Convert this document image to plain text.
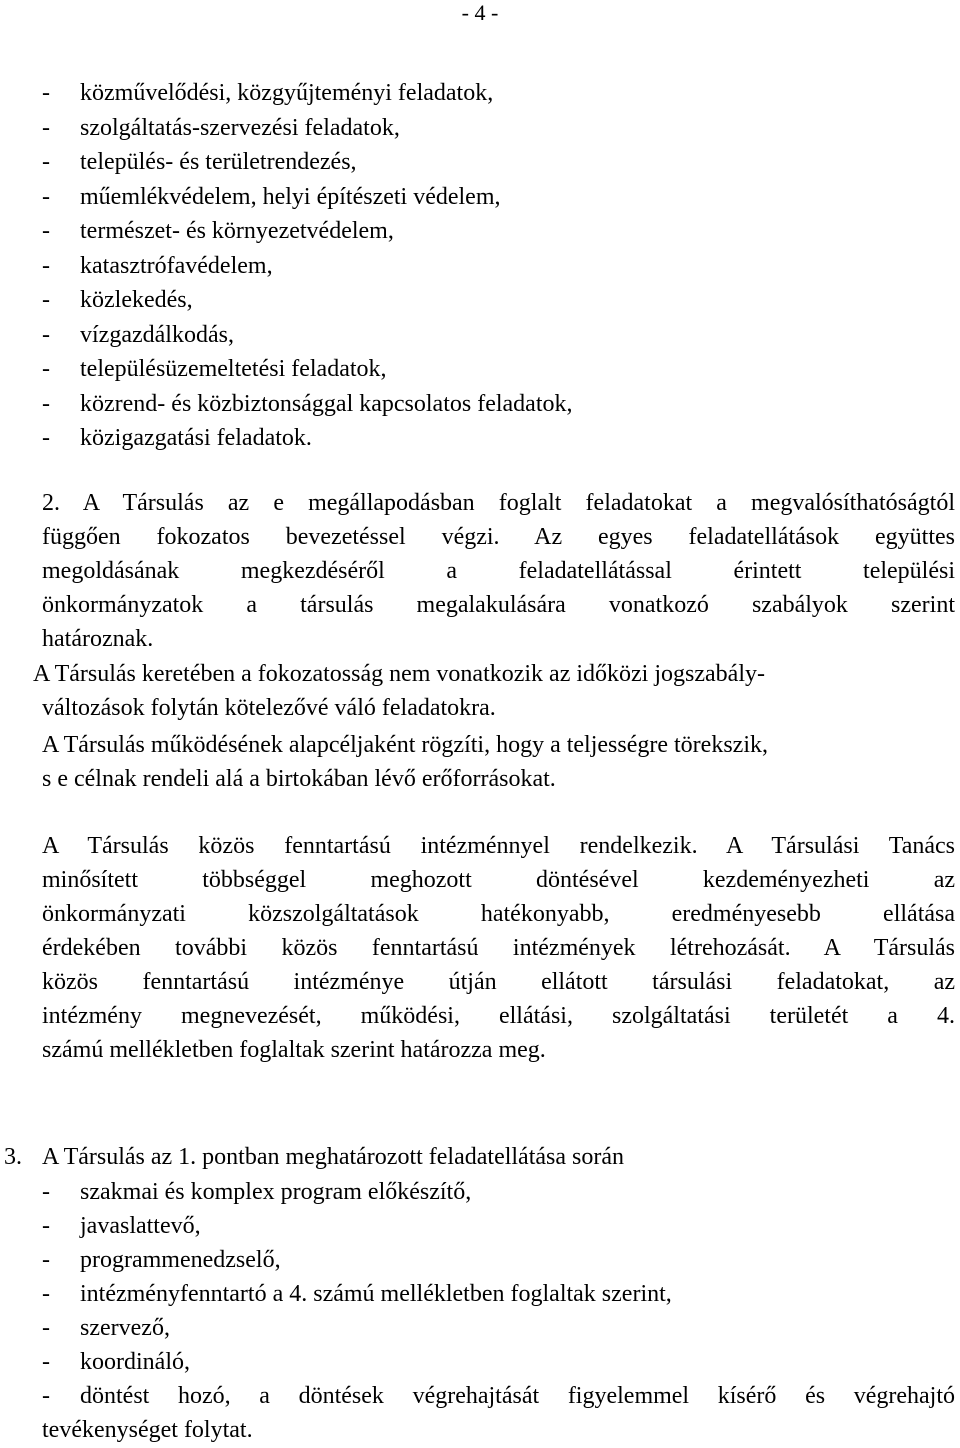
- 4 -
- közművelődési, közgyűjteményi feladatok,
- szolgáltatás-szervezési feladatok,
- település- és területrendezés,
- műemlékvédelem, helyi építészeti védelem,
- természet- és környezetvédelem,
- katasztrófavédelem,
- közlekedés,
- vízgazdálkodás,
- településüzemeltetési feladatok,
- közrend- és közbiztonsággal kapcsolatos feladatok,
- közigazgatási feladatok.
2. A Társulás az e megállapodásban foglalt feladatokat a megvalósíthatóságtól
függően fokozatos bevezetéssel végzi. Az egyes feladatellátások együttes
megoldásának megkezdéséről a feladatellátással érintett települési
önkormányzatok a társulás megalakulására vonatkozó szabályok szerint
határoznak.
A Társulás keretében a fokozatosság nem vonatkozik az időközi jogszabály-
változások folytán kötelezővé váló feladatokra.
A Társulás működésének alapcéljaként rögzíti, hogy a teljességre törekszik,
s e célnak rendeli alá a birtokában lévő erőforrásokat.
A Társulás közös fenntartású intézménnyel rendelkezik. A Társulási Tanács
minősített többséggel meghozott döntésével kezdeményezheti az
önkormányzati közszolgáltatások hatékonyabb, eredményesebb ellátása
érdekében további közös fenntartású intézmények létrehozását. A Társulás
közös fenntartású intézménye útján ellátott társulási feladatokat, az
intézmény megnevezését, működési, ellátási, szolgáltatási területét a 4.
számú mellékletben foglaltak szerint határozza meg.
3. A Társulás az 1. pontban meghatározott feladatellátása során
- szakmai és komplex program előkészítő,
- javaslattevő,
- programmenedzselő,
- intézményfenntartó a 4. számú mellékletben foglaltak szerint,
- szervező,
- koordináló,
- döntést hozó, a döntések végrehajtását figyelemmel kísérő és végrehajtó
tevékenységet folytat.
